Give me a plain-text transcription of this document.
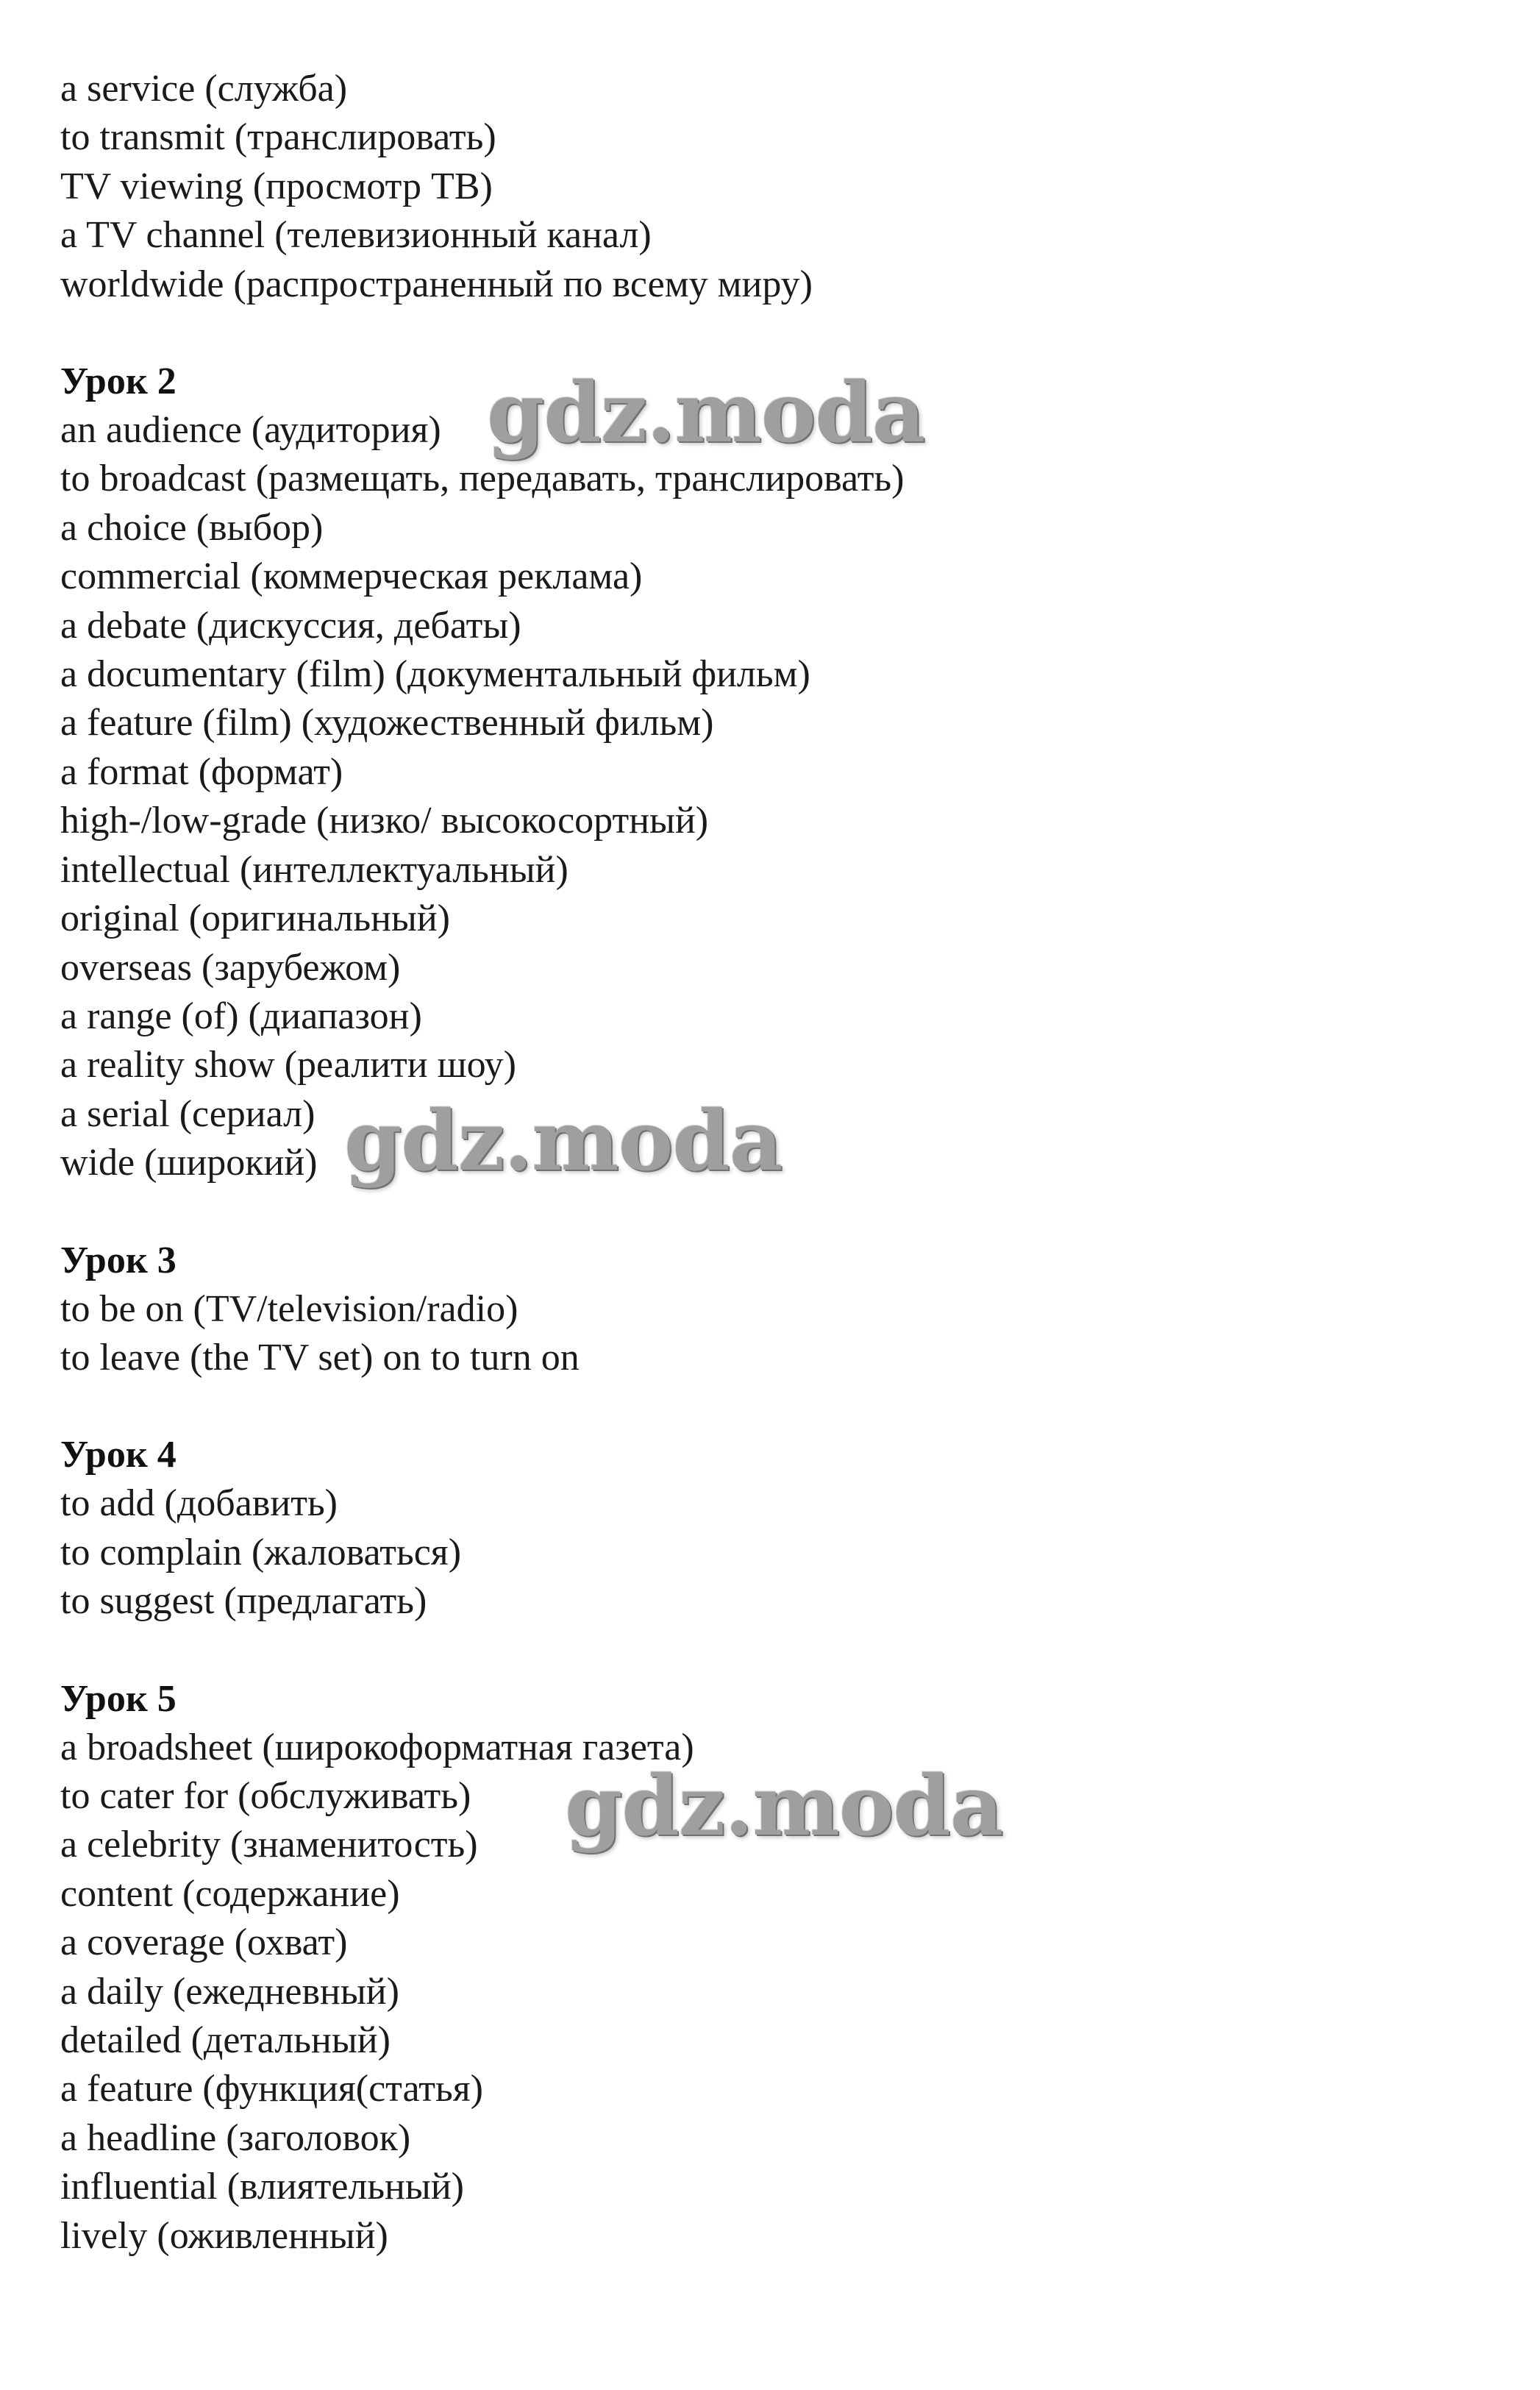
a service (служба)
to transmit (транслировать)
TV viewing (просмотр ТВ)
a TV channel (телевизионный канал)
worldwide (распространенный по всему миру)
Урок 2
an audience (аудитория)
to broadcast (размещать, передавать, транслировать)
a choice (выбор)
commercial (коммерческая реклама)
a debate (дискуссия, дебаты)
a documentary (film) (документальный фильм)
a feature (film) (художественный фильм)
a format (формат)
high-/low-grade (низко/ высокосортный)
intellectual (интеллектуальный)
original (оригинальный)
overseas (зарубежом)
a range (of) (диапазон)
a reality show (реалити шоу)
a serial (сериал)
wide (широкий)
Урок 3
to be on (TV/television/radio)
to leave (the TV set) on to turn on
Урок 4
to add (добавить)
to complain (жаловаться)
to suggest (предлагать)
Урок 5
a broadsheet (широкоформатная газета)
to cater for (обслуживать)
a celebrity (знаменитость)
content (содержание)
a coverage (охват)
a daily (ежедневный)
detailed (детальный)
a feature (функция(статья)
a headline (заголовок)
influential (влиятельный)
lively (оживленный)
gdz.moda
gdz.moda
gdz.moda
